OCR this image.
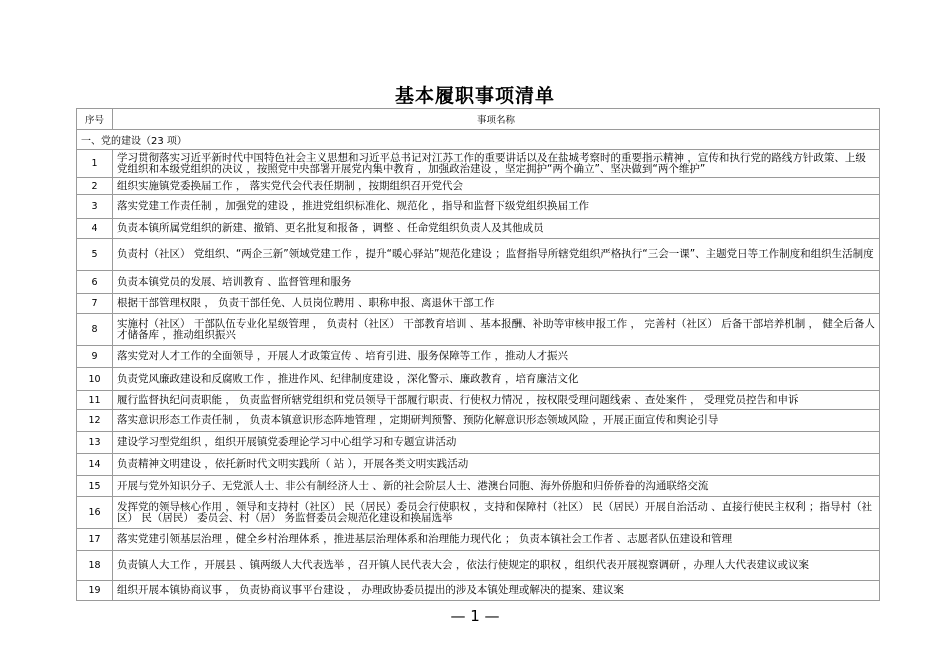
基本履职事项清单
序号	事项名称
一、党的建设（23 项）	
1	学习贯彻落实习近平新时代中国特色社会主义思想和习近平总书记对江苏工作的重要讲话以及在盐城考察时的重要指示精神 ，宣传和执行党的路线方针政策、上级党组织和本级党组织的决议 ，按照党中央部署开展党内集中教育 ，加强政治建设 ，坚定拥护“两个确立”、坚决做到“两个维护”
2	组织实施镇党委换届工作 ， 落实党代会代表任期制 ，按期组织召开党代会
3	落实党建工作责任制 ，加强党的建设 ，推进党组织标准化、规范化 ，指导和监督下级党组织换届工作
4	负责本镇所属党组织的新建、撤销、更名批复和报备 ，调整 、任命党组织负责人及其他成员
5	负责村（社区） 党组织、“两企三新”领域党建工作 ，提升“暖心驿站”规范化建设 ；监督指导所辖党组织严格执行“三会一课”、主题党日等工作制度和组织生活制度
6	负责本镇党员的发展、培训教育 、监督管理和服务
7	根据干部管理权限 ， 负责干部任免、人员岗位聘用 、职称申报、离退休干部工作
8	实施村（社区） 干部队伍专业化星级管理 ， 负责村（社区） 干部教育培训 、基本报酬、补助等审核申报工作 ， 完善村（社区） 后备干部培养机制 ， 健全后备人才储备库 ，推动组织振兴
9	落实党对人才工作的全面领导 ，开展人才政策宣传 、培育引进、服务保障等工作 ，推动人才振兴
10	负责党风廉政建设和反腐败工作 ，推进作风、纪律制度建设 ，深化警示、廉政教育 ，培育廉洁文化
11	履行监督执纪问责职能 ， 负责监督所辖党组织和党员领导干部履行职责、行使权力情况 ，按权限受理问题线索 、查处案件 ， 受理党员控告和申诉
12	落实意识形态工作责任制 ， 负责本镇意识形态阵地管理 ，定期研判预警、预防化解意识形态领域风险 ，开展正面宣传和舆论引导
13	建设学习型党组织 ，组织开展镇党委理论学习中心组学习和专题宣讲活动
14	负责精神文明建设 ，依托新时代文明实践所（ 站 ），开展各类文明实践活动
15	开展与党外知识分子、无党派人士、非公有制经济人士 、新的社会阶层人士、港澳台同胞、海外侨胞和归侨侨眷的沟通联络交流
16	发挥党的领导核心作用 ，领导和支持村（社区） 民（居民）委员会行使职权 ，支持和保障村（社区） 民（居民）开展自治活动 、直接行使民主权利 ；指导村（社区） 民（居民） 委员会、村（居） 务监督委员会规范化建设和换届选举
17	落实党建引领基层治理 ，健全乡村治理体系 ，推进基层治理体系和治理能力现代化 ； 负责本镇社会工作者 、志愿者队伍建设和管理
18	负责镇人大工作 ，开展县 、镇两级人大代表选举 ，召开镇人民代表大会 ，依法行使规定的职权 ，组织代表开展视察调研 ，办理人大代表建议或议案
19	组织开展本镇协商议事 ， 负责协商议事平台建设 ， 办理政协委员提出的涉及本镇处理或解决的提案、建议案
— 1 —
